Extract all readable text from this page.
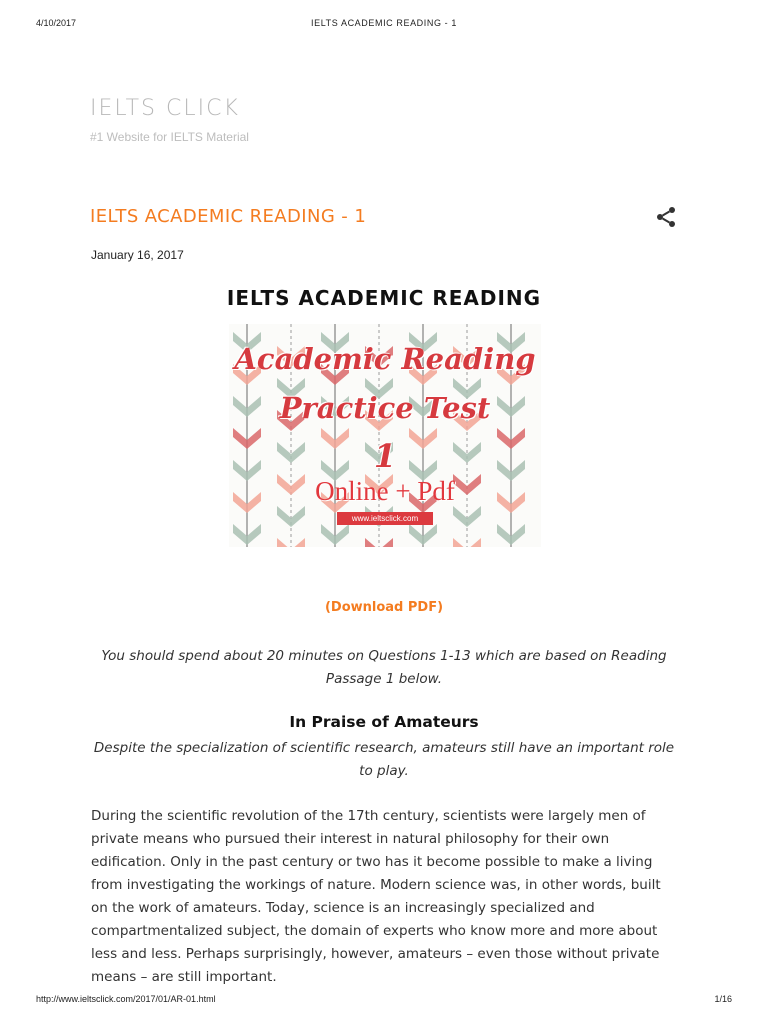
4/10/2017	IELTS ACADEMIC READING - 1
IELTS CLICK
#1 Website for IELTS Material
IELTS ACADEMIC READING - 1
January 16, 2017
IELTS ACADEMIC READING
Academic Reading
Practice Test
1
Online + Pdf
www.ieltsclick.com
(Download PDF)
You should spend about 20 minutes on Questions 1-13 which are based on Reading Passage 1 below.
In Praise of Amateurs
Despite the specialization of scientific research, amateurs still have an important role to play.
During the scientific revolution of the 17th century, scientists were largely men of private means who pursued their interest in natural philosophy for their own edification. Only in the past century or two has it become possible to make a living from investigating the workings of nature. Modern science was, in other words, built on the work of amateurs. Today, science is an increasingly specialized and compartmentalized subject, the domain of experts who know more and more about less and less. Perhaps surprisingly, however, amateurs – even those without private means – are still important.
http://www.ieltsclick.com/2017/01/AR-01.html	1/16
